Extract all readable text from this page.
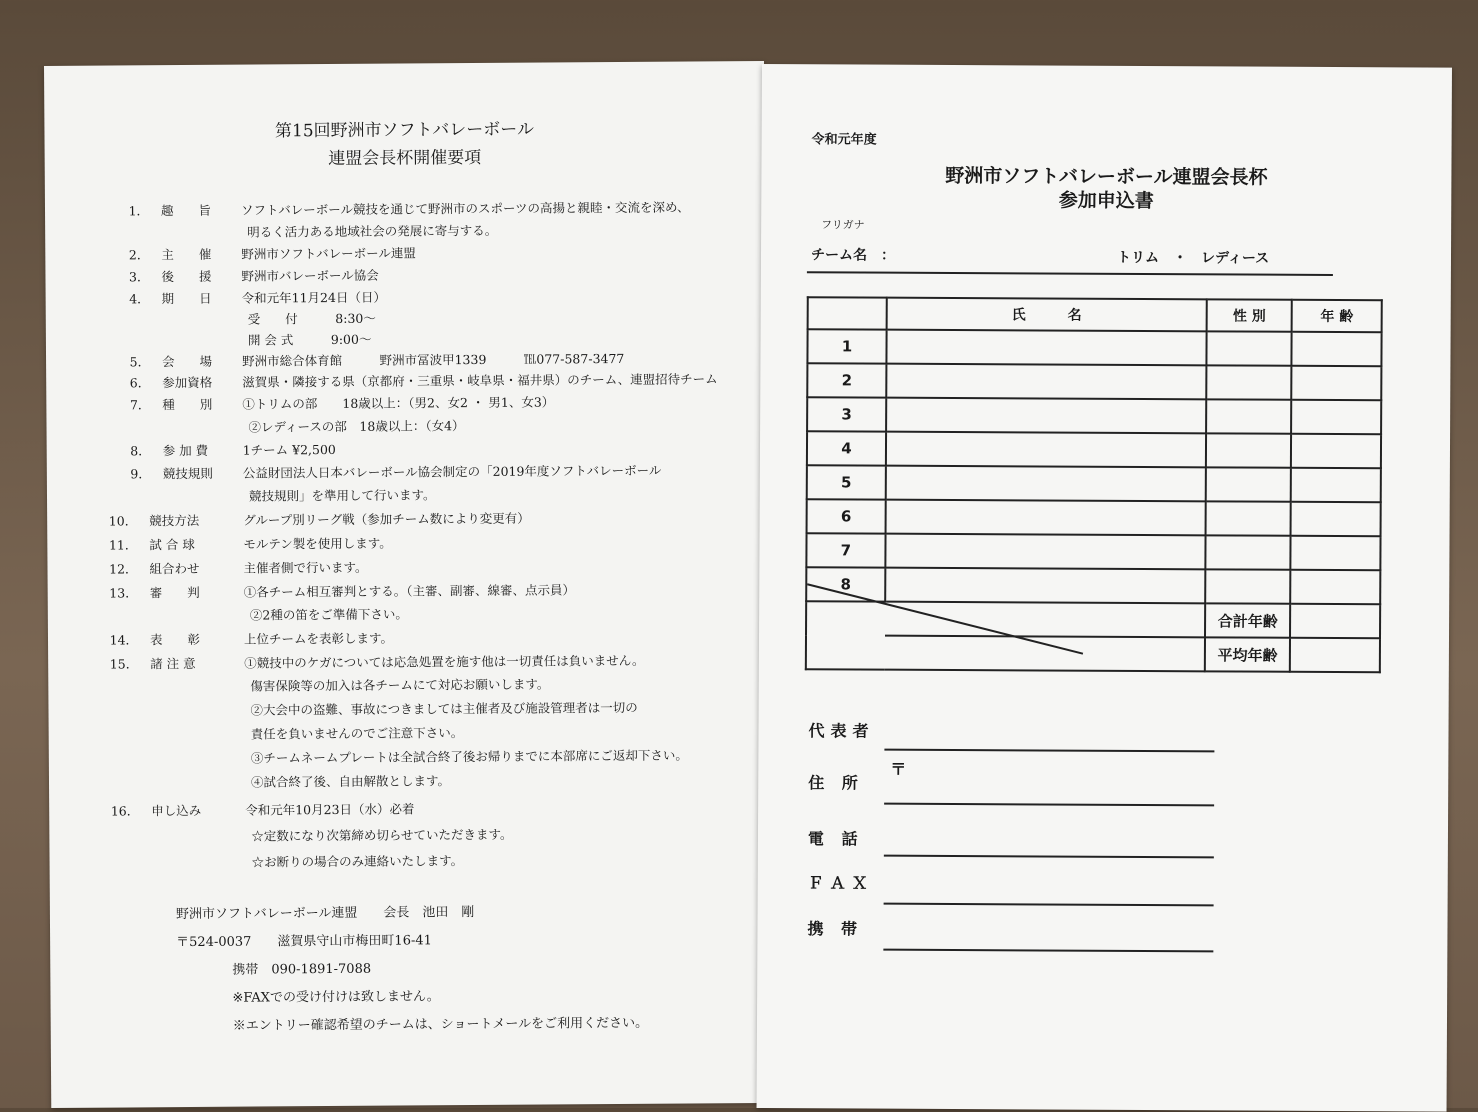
第15回野洲市ソフトバレーボール
連盟会長杯開催要項
1． 趣　　旨 ソフトバレーボール競技を通じて野洲市のスポーツの高揚と親睦・交流を深め、
明るく活力ある地域社会の発展に寄与する。
2． 主　　催 野洲市ソフトバレーボール連盟
3． 後　　援 野洲市バレーボール協会
4． 期　　日 令和元年11月24日（日）
受　　付　　　8:30～
開 会 式　　　9:00～
5． 会　　場 野洲市総合体育館　　　野洲市冨波甲1339　　　℡077-587-3477
6． 参加資格 滋賀県・隣接する県（京都府・三重県・岐阜県・福井県）のチーム、連盟招待チーム
7． 種　　別 ①トリムの部　　18歳以上：（男2、女2 ・ 男1、女3）
②レディースの部　18歳以上：（女4）
8． 参 加 費	1チーム ¥2,500
9． 競技規則 公益財団法人日本バレーボール協会制定の「2019年度ソフトバレーボール
競技規則」を準用して行います。
10． 競技方法	グループ別リーグ戦（参加チーム数により変更有）
11． 試 合 球	モルテン製を使用します。
12． 組合わせ	主催者側で行います。
13． 審　　判	①各チーム相互審判とする。（主審、副審、線審、点示員）
②2種の笛をご準備下さい。
14． 表　　彰	上位チームを表彰します。
15． 諸 注 意	①競技中のケガについては応急処置を施す他は一切責任は負いません。
傷害保険等の加入は各チームにて対応お願いします。
②大会中の盗難、事故につきましては主催者及び施設管理者は一切の
責任を負いませんのでご注意下さい。
③チームネームプレートは全試合終了後お帰りまでに本部席にご返却下さい。
④試合終了後、自由解散とします。
16． 申し込み	令和元年10月23日（水）必着
☆定数になり次第締め切らせていただきます。
☆お断りの場合のみ連絡いたします。
野洲市ソフトバレーボール連盟　　会長　池田　剛
〒524-0037　　滋賀県守山市梅田町16-41
携帯　090-1891-7088
※FAXでの受け付けは致しません。
※エントリー確認希望のチームは、ショートメールをご利用ください。
令和元年度
野洲市ソフトバレーボール連盟会長杯
参加申込書
フリガナ
チーム名　：	トリム　・　レディース
	氏　　　名	性 別	年 齢
1			
2			
3			
4			
5			
6			
7			
8			
		合計年齢	
		平均年齢	
代表者
住 所
〒
電 話
ＦＡＸ
携 帯
